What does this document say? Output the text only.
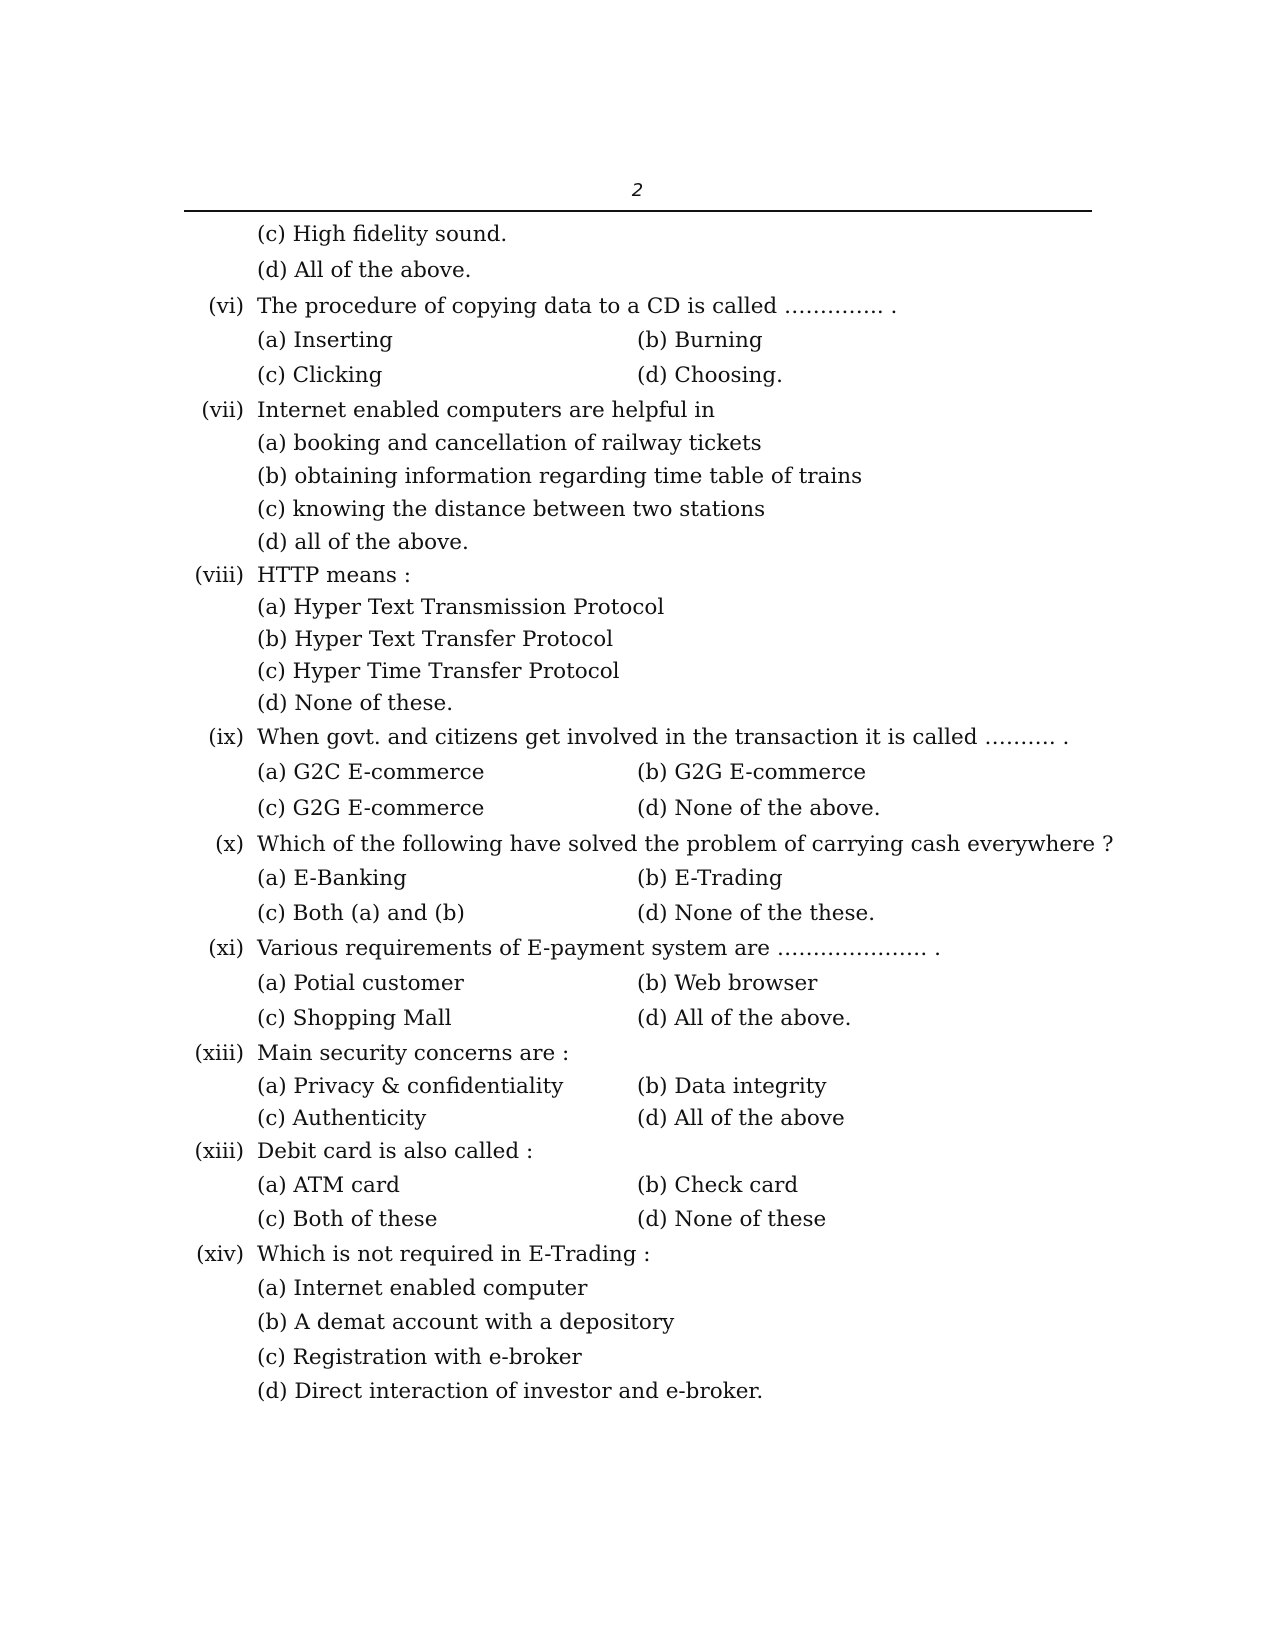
2
(c) High fidelity sound.
(d) All of the above.
(vi) The procedure of copying data to a CD is called ………….. .
(a) Inserting	(b) Burning
(c) Clicking	(d) Choosing.
(vii) Internet enabled computers are helpful in
(a) booking and cancellation of railway tickets
(b) obtaining information regarding time table of trains
(c) knowing the distance between two stations
(d) all of the above.
(viii) HTTP means :
(a) Hyper Text Transmission Protocol
(b) Hyper Text Transfer Protocol
(c) Hyper Time Transfer Protocol
(d) None of these.
(ix) When govt. and citizens get involved in the transaction it is called ………. .
(a) G2C E-commerce	(b) G2G E-commerce
(c) G2G E-commerce	(d) None of the above.
(x) Which of the following have solved the problem of carrying cash everywhere ?
(a) E-Banking	(b) E-Trading
(c) Both (a) and (b)	(d) None of the these.
(xi) Various requirements of E-payment system are ………………… .
(a) Potial customer	(b) Web browser
(c) Shopping Mall	(d) All of the above.
(xiii) Main security concerns are :
(a) Privacy & confidentiality	(b) Data integrity
(c) Authenticity	(d) All of the above
(xiii) Debit card is also called :
(a) ATM card	(b) Check card
(c) Both of these	(d) None of these
(xiv) Which is not required in E-Trading :
(a) Internet enabled computer
(b) A demat account with a depository
(c) Registration with e-broker
(d) Direct interaction of investor and e-broker.
